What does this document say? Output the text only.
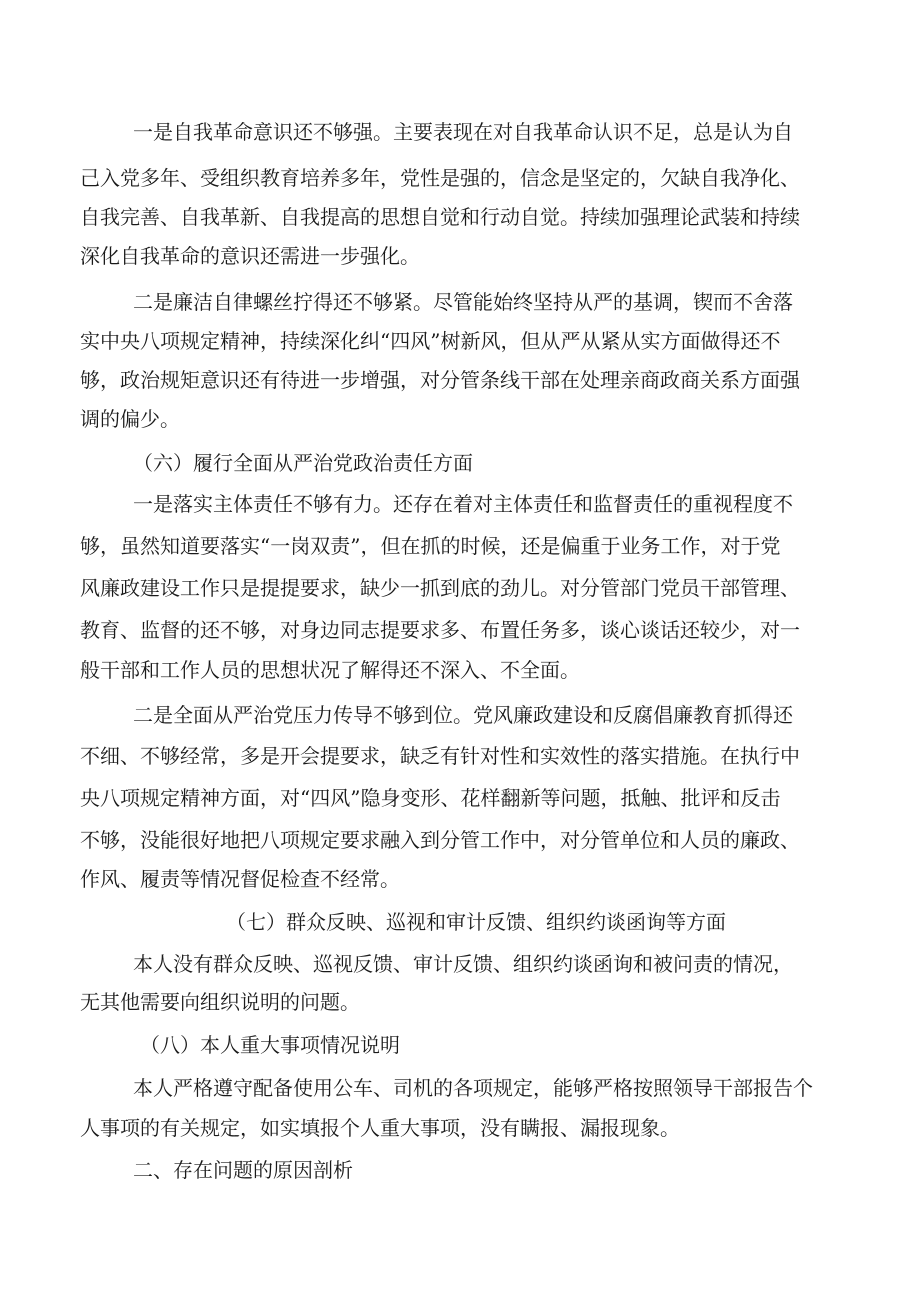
一是自我革命意识还不够强。主要表现在对自我革命认识不足，总是认为自
己入党多年、受组织教育培养多年，党性是强的，信念是坚定的，欠缺自我净化、
自我完善、自我革新、自我提高的思想自觉和行动自觉。持续加强理论武装和持续
深化自我革命的意识还需进一步强化。
二是廉洁自律螺丝拧得还不够紧。尽管能始终坚持从严的基调，锲而不舍落
实中央八项规定精神，持续深化纠“四风”树新风，但从严从紧从实方面做得还不
够，政治规矩意识还有待进一步增强，对分管条线干部在处理亲商政商关系方面强
调的偏少。
（六）履行全面从严治党政治责任方面
一是落实主体责任不够有力。还存在着对主体责任和监督责任的重视程度不
够，虽然知道要落实“一岗双责”，但在抓的时候，还是偏重于业务工作，对于党
风廉政建设工作只是提提要求，缺少一抓到底的劲儿。对分管部门党员干部管理、
教育、监督的还不够，对身边同志提要求多、布置任务多，谈心谈话还较少，对一
般干部和工作人员的思想状况了解得还不深入、不全面。
二是全面从严治党压力传导不够到位。党风廉政建设和反腐倡廉教育抓得还
不细、不够经常，多是开会提要求，缺乏有针对性和实效性的落实措施。在执行中
央八项规定精神方面，对“四风”隐身变形、花样翻新等问题，抵触、批评和反击
不够，没能很好地把八项规定要求融入到分管工作中，对分管单位和人员的廉政、
作风、履责等情况督促检查不经常。
（七）群众反映、巡视和审计反馈、组织约谈函询等方面
本人没有群众反映、巡视反馈、审计反馈、组织约谈函询和被问责的情况，
无其他需要向组织说明的问题。
（八）本人重大事项情况说明
本人严格遵守配备使用公车、司机的各项规定，能够严格按照领导干部报告个
人事项的有关规定，如实填报个人重大事项，没有瞒报、漏报现象。
二、存在问题的原因剖析
